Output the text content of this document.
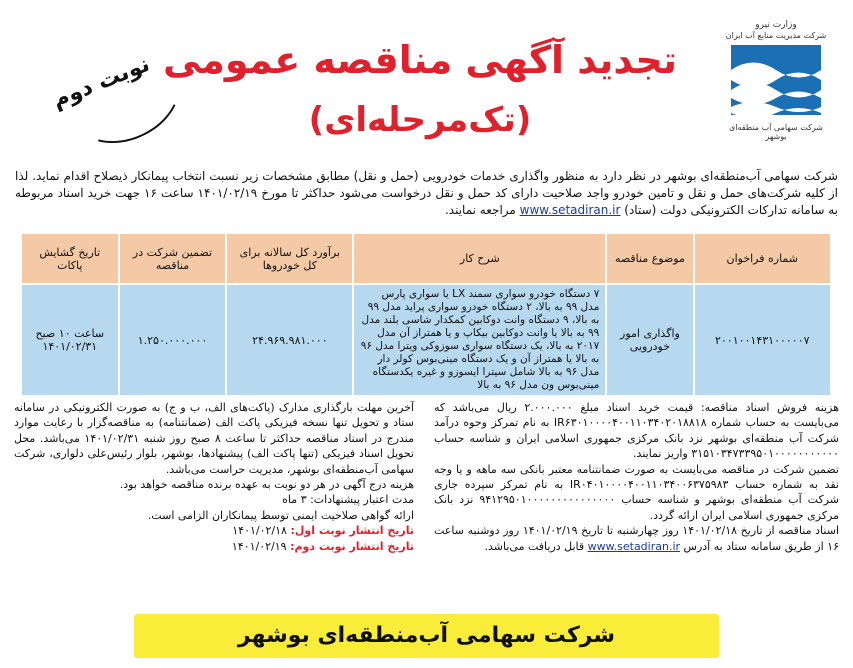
وزارت نیرو
شرکت مدیریت منابع آب ایران
شرکت سهامی آب منطقه‌ای بوشهر
تجدید آگهی مناقصه عمومی
(تک‌مرحله‌ای)
نوبت دوم
شرکت سهامی آب‌منطقه‌ای بوشهر در نظر دارد به منظور واگذاری خدمات خودرویی (حمل و نقل) مطابق مشخصات زیر نسبت انتخاب پیمانکار ذیصلاح اقدام نماید. لذا از کلیه شرکت‌های حمل و نقل و تامین خودرو واجد صلاحیت دارای کد حمل و نقل درخواست می‌شود حداکثر تا مورخ ۱۴۰۱/۰۲/۱۹ ساعت ۱۶ جهت خرید اسناد مربوطه به سامانه تدارکات الکترونیکی دولت (ستاد) www.setadiran.ir مراجعه نمایند.
شماره فراخوان	موضوع مناقصه	شرح کار	برآورد کل سالانه برای کل خودروها	تضمین شرکت در مناقصه	تاریخ گشایش پاکات
۲۰۰۱۰۰۱۴۳۱۰۰۰۰۰۷	واگذاری امور خودرویی	۷ دستگاه خودرو سواری سمند LX یا سواری پارس مدل ۹۹ به بالا، ۲ دستگاه خودرو سواری پراید مدل ۹۹ به بالا، ۹ دستگاه وانت دوکابین کمکدار شاسی بلند مدل ۹۹ به بالا یا وانت دوکابین بیکاپ و یا همتراز آن مدل ۲۰۱۷ به بالا، یک دستگاه سواری سوزوکی ویترا مدل ۹۶ به بالا یا همتراز آن و یک دستگاه مینی‌بوس کولر دار مدل ۹۶ به بالا شامل سیترا ایسوزو و غیره یکدستگاه مینی‌بوس ون مدل ۹۶ به بالا	۲۴.۹۶۹.۹۸۱.۰۰۰	۱.۲۵۰.۰۰۰.۰۰۰	ساعت ۱۰ صبح ۱۴۰۱/۰۲/۳۱

هزینه فروش اسناد مناقصه: قیمت خرید اسناد مبلغ ۲.۰۰۰.۰۰۰ ریال می‌باشد که می‌بایست به حساب شماره IR۶۳۰۱۰۰۰۰۴۰۰۱۱۰۳۴۰۲۰۱۸۸۱۸ به نام تمرکز وجوه درآمد شرکت آب منطقه‌ای بوشهر نزد بانک مرکزی جمهوری اسلامی ایران و شناسه حساب ۳۱۵۱۰۳۴۷۳۳۹۵۰۱۰۰۰۰۰۰۰۰۰۰۰ واریز نمایند.

تضمین شرکت در مناقصه می‌بایست به صورت ضمانتنامه معتبر بانکی سه ماهه و یا وجه نقد به شماره حساب IR۰۴۰۱۰۰۰۰۴۰۰۱۱۰۳۴۰۰۶۳۷۵۹۸۳ به نام تمرکز سپرده جاری شرکت آب منطقه‌ای بوشهر و شناسه حساب ۹۴۱۲۹۵۰۱۰۰۰۰۰۰۰۰۰۰۰۰۰۰۰ نزد بانک مرکزی جمهوری اسلامی ایران ارائه گردد.

اسناد مناقصه از تاریخ ۱۴۰۱/۰۲/۱۸ روز چهارشنبه تا تاریخ ۱۴۰۱/۰۲/۱۹ روز دوشنبه ساعت ۱۶ از طریق سامانه ستاد به آدرس www.setadiran.ir قابل دریافت می‌باشد.

آخرین مهلت بارگذاری مدارک (پاکت‌های الف، ب و ج) به صورت الکترونیکی در سامانه ستاد و تحویل تنها نسخه فیزیکی پاکت الف (ضمانتنامه) به مناقصه‌گزار با رعایت موارد مندرج در اسناد مناقصه حداکثر تا ساعت ۸ صبح روز شنبه ۱۴۰۱/۰۲/۳۱ می‌باشد. محل تحویل اسناد فیزیکی (تنها پاکت الف) پیشنهادها، بوشهر، بلوار رئیس‌علی دلواری، شرکت سهامی آب‌منطقه‌ای بوشهر، مدیریت حراست می‌باشد.

هزینه درج آگهی در هر دو نوبت به عهده برنده مناقصه خواهد بود.

مدت اعتبار پیشنهادات: ۳ ماه

ارائه گواهی صلاحیت ایمنی توسط پیمانکاران الزامی است.

تاریخ انتشار نوبت اول: ۱۴۰۱/۰۲/۱۸

تاریخ انتشار نوبت دوم: ۱۴۰۱/۰۲/۱۹

شرکت سهامی آب‌منطقه‌ای بوشهر
